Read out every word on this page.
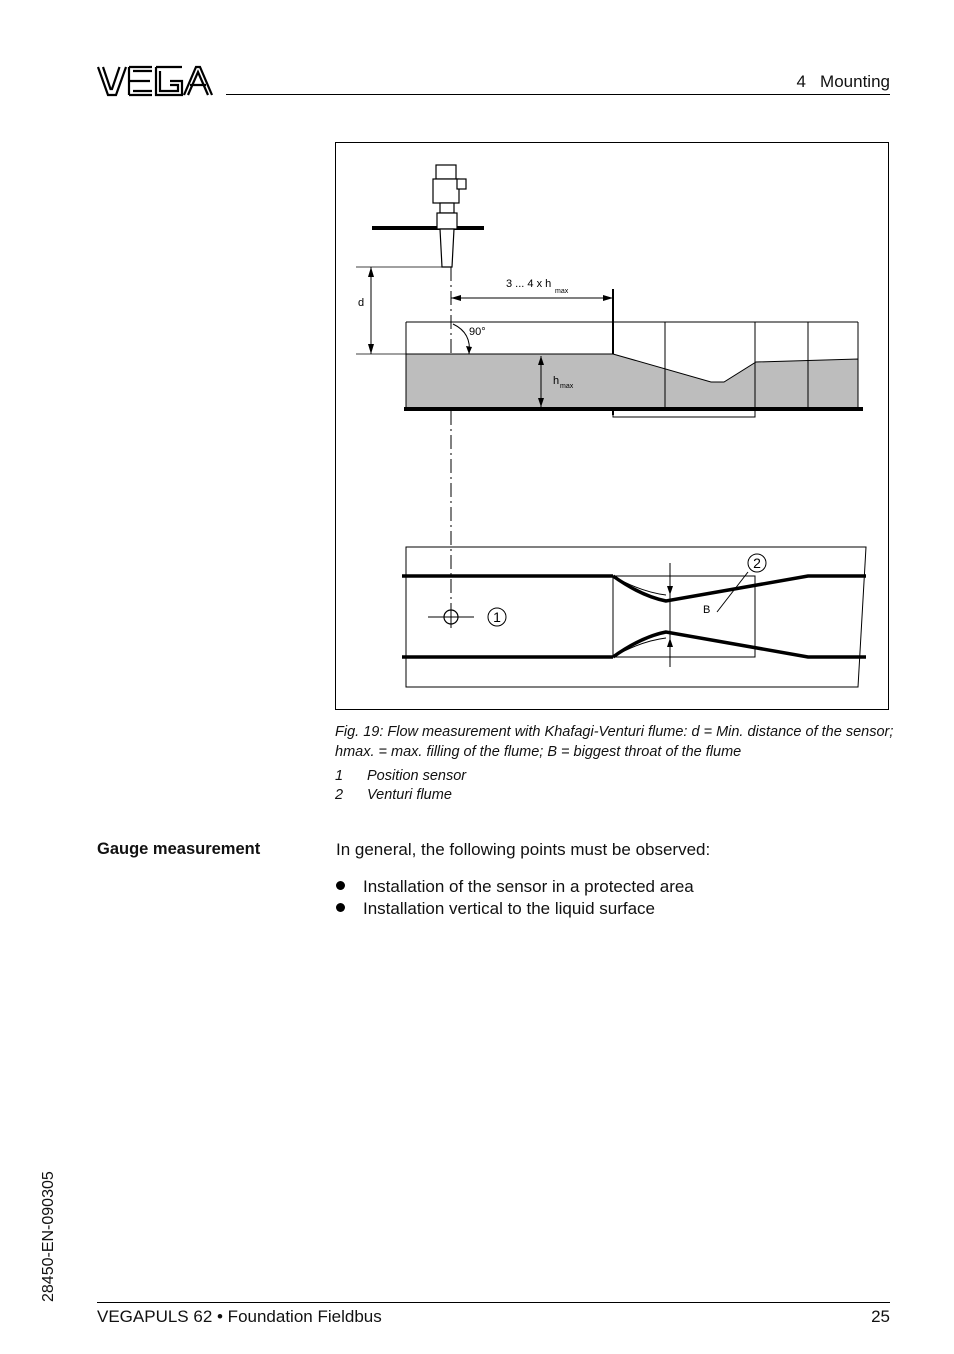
4   Mounting
d
3 ... 4 x h
max
90°
h max
B
2
1
Fig. 19: Flow measurement with Khafagi-Venturi flume: d = Min. distance of the sensor; hmax. = max. filling of the flume; B = biggest throat of the flume
1 Position sensor
2 Venturi flume
Gauge measurement	In general, the following points must be observed:
Installation of the sensor in a protected area
Installation vertical to the liquid surface
28450-EN-090305
VEGAPULS 62 • Foundation Fieldbus	25
